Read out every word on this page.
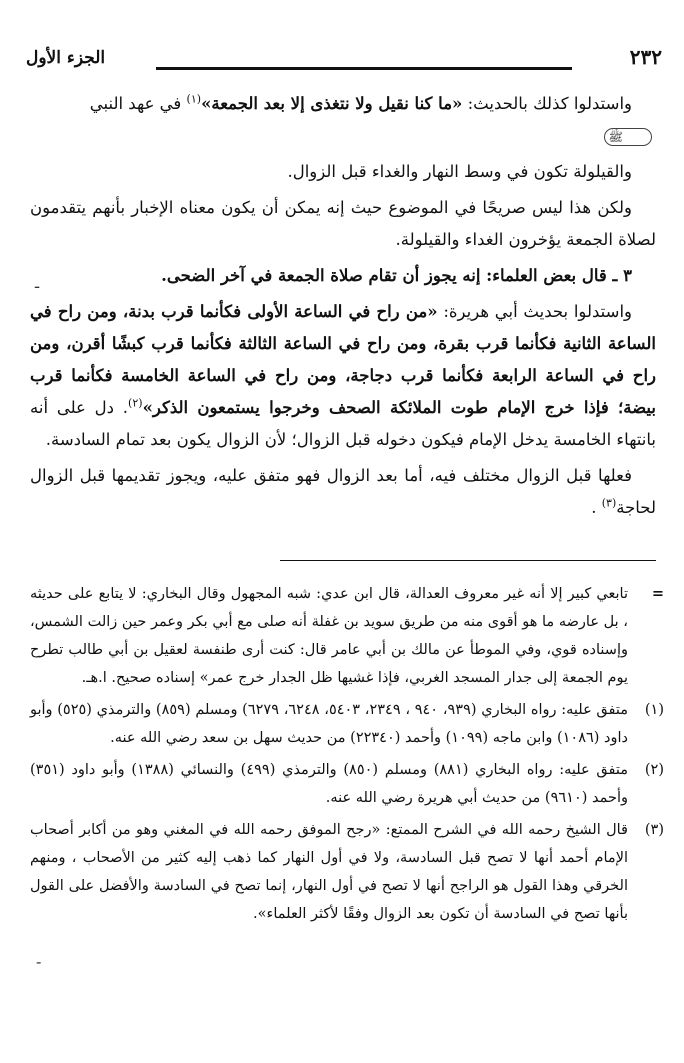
الجزء الأول	٢٣٢

واستدلوا كذلك بالحديث: «ما كنا نقيل ولا نتغذى إلا بعد الجمعة»$^{(١)}$ في عهد النبي
ﷺ

والقيلولة تكون في وسط النهار والغداء قبل الزوال.

ولكن هذا ليس صريحًا في الموضوع حيث إنه يمكن أن يكون معناه الإخبار بأنهم يتقدمون لصلاة الجمعة يؤخرون الغداء والقيلولة.

٣ ـ قال بعض العلماء: إنه يجوز أن تقام صلاة الجمعة في آخر الضحى.

واستدلوا بحديث أبي هريرة: «من راح في الساعة الأولى فكأنما قرب بدنة، ومن راح في الساعة الثانية فكأنما قرب بقرة، ومن راح في الساعة الثالثة فكأنما قرب كبشًا أقرن، ومن راح في الساعة الرابعة فكأنما قرب دجاجة، ومن راح في الساعة الخامسة فكأنما قرب بيضة؛ فإذا خرج الإمام طوت الملائكة الصحف وخرجوا يستمعون الذكر»$^{(٢)}$. دل على أنه بانتهاء الخامسة يدخل الإمام فيكون دخوله قبل الزوال؛ لأن الزوال يكون بعد تمام السادسة.

فعلها قبل الزوال مختلف فيه، أما بعد الزوال فهو متفق عليه، ويجوز تقديمها قبل الزوال لحاجة$^{(٣)}$ .

=
تابعي كبير إلا أنه غير معروف العدالة، قال ابن عدي: شبه المجهول وقال البخاري: لا يتابع على حديثه ، بل عارضه ما هو أقوى منه من طريق سويد بن غفلة أنه صلى مع أبي بكر وعمر حين زالت الشمس، وإسناده قوي، وفي الموطأ عن مالك بن أبي عامر قال: كنت أرى طنفسة لعقيل بن أبي طالب تطرح يوم الجمعة إلى جدار المسجد الغربي، فإذا غشيها ظل الجدار خرج عمر» إسناده صحيح. ا.هـ.
(١)
متفق عليه: رواه البخاري (٩٣٩، ٩٤٠ ، ٢٣٤٩، ٥٤٠٣، ٦٢٤٨، ٦٢٧٩) ومسلم (٨٥٩) والترمذي (٥٢٥) وأبو داود (١٠٨٦) وابن ماجه (١٠٩٩) وأحمد (٢٢٣٤٠) من حديث سهل بن سعد رضي الله عنه.
(٢)
متفق عليه: رواه البخاري (٨٨١) ومسلم (٨٥٠) والترمذي (٤٩٩) والنسائي (١٣٨٨) وأبو داود (٣٥١) وأحمد (٩٦١٠) من حديث أبي هريرة رضي الله عنه.
(٣)
قال الشيخ رحمه الله في الشرح الممتع: «رجح الموفق رحمه الله في المغني وهو من أكابر أصحاب الإمام أحمد أنها لا تصح قبل السادسة، ولا في أول النهار كما ذهب إليه كثير من الأصحاب ، ومنهم الخرقي وهذا القول هو الراجح أنها لا تصح في أول النهار، إنما تصح في السادسة والأفضل على القول بأنها تصح في السادسة أن تكون بعد الزوال وفقًا لأكثر العلماء».
-
-
